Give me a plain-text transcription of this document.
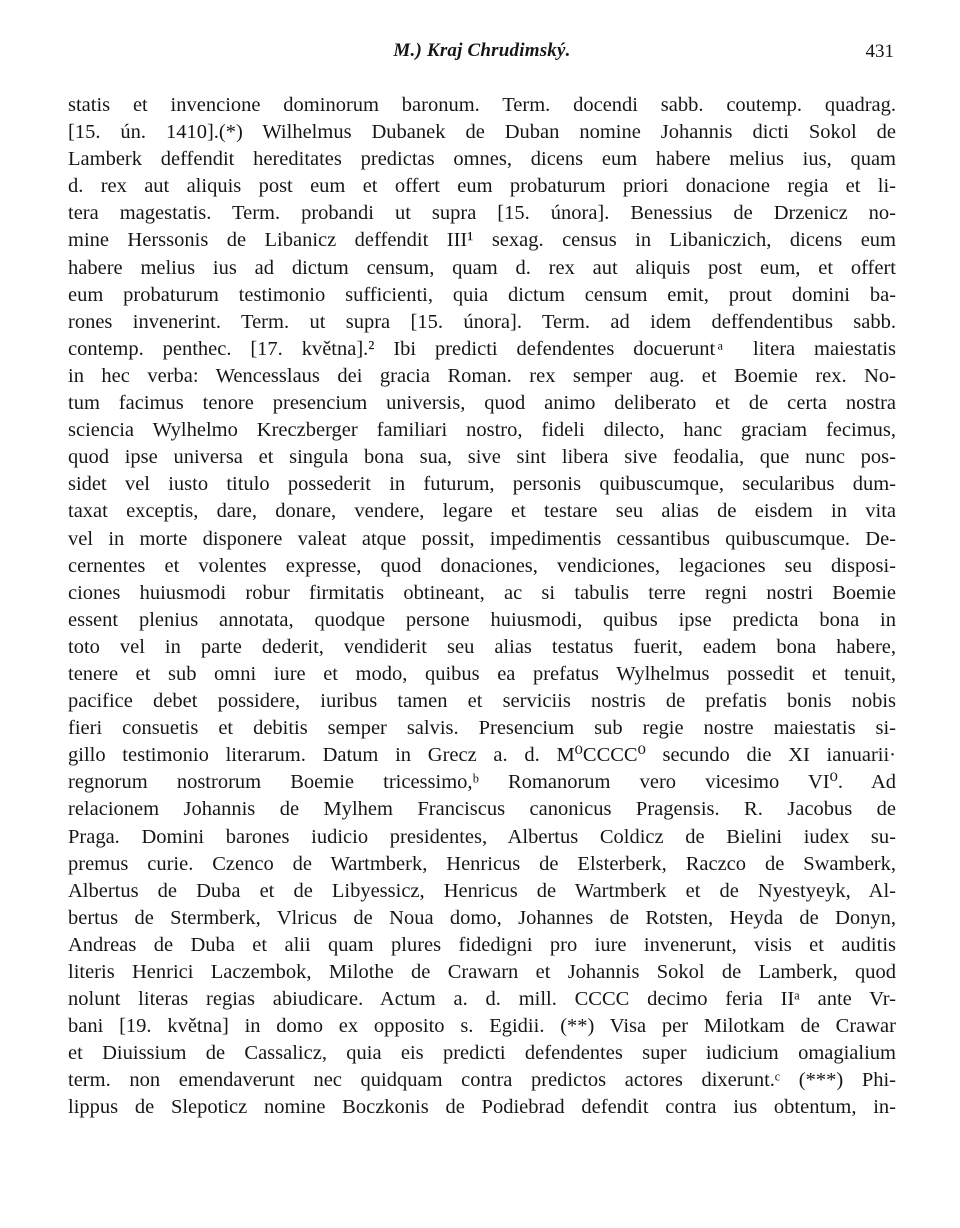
M.) Kraj Chrudimský.	431
statis et invencione dominorum baronum. Term. docendi sabb. coutemp. quadrag.
[15. ún. 1410].(*) Wilhelmus Dubanek de Duban nomine Johannis dicti Sokol de
Lamberk deffendit hereditates predictas omnes, dicens eum habere melius ius, quam
d. rex aut aliquis post eum et offert eum probaturum priori donacione regia et li-
tera magestatis. Term. probandi ut supra [15. února]. Benessius de Drzenicz no-
mine Herssonis de Libanicz deffendit III¹ sexag. census in Libaniczich, dicens eum
habere melius ius ad dictum censum, quam d. rex aut aliquis post eum, et offert
eum probaturum testimonio sufficienti, quia dictum censum emit, prout domini ba-
rones invenerint. Term. ut supra [15. února]. Term. ad idem deffendentibus sabb.
contemp. penthec. [17. května].² Ibi predicti defendentes docuerunt ͣ litera maiestatis
in hec verba: Wencesslaus dei gracia Roman. rex semper aug. et Boemie rex. No-
tum facimus tenore presencium universis, quod animo deliberato et de certa nostra
sciencia Wylhelmo Kreczberger familiari nostro, fideli dilecto, hanc graciam fecimus,
quod ipse universa et singula bona sua, sive sint libera sive feodalia, que nunc pos-
sidet vel iusto titulo possederit in futurum, personis quibuscumque, secularibus dum-
taxat exceptis, dare, donare, vendere, legare et testare seu alias de eisdem in vita
vel in morte disponere valeat atque possit, impedimentis cessantibus quibuscumque. De-
cernentes et volentes expresse, quod donaciones, vendiciones, legaciones seu disposi-
ciones huiusmodi robur firmitatis obtineant, ac si tabulis terre regni nostri Boemie
essent plenius annotata, quodque persone huiusmodi, quibus ipse predicta bona in
toto vel in parte dederit, vendiderit seu alias testatus fuerit, eadem bona habere,
tenere et sub omni iure et modo, quibus ea prefatus Wylhelmus possedit et tenuit,
pacifice debet possidere, iuribus tamen et serviciis nostris de prefatis bonis nobis
fieri consuetis et debitis semper salvis. Presencium sub regie nostre maiestatis si-
gillo testimonio literarum. Datum in Grecz a. d. M⁰CCCC⁰ secundo die XI ianuarii·
regnorum nostrorum Boemie tricessimo,ᵇ Romanorum vero vicesimo VI⁰. Ad
relacionem Johannis de Mylhem Franciscus canonicus Pragensis. R. Jacobus de
Praga. Domini barones iudicio presidentes, Albertus Coldicz de Bielini iudex su-
premus curie. Czenco de Wartmberk, Henricus de Elsterberk, Raczco de Swamberk,
Albertus de Duba et de Libyessicz, Henricus de Wartmberk et de Nyestyeyk, Al-
bertus de Stermberk, Vlricus de Noua domo, Johannes de Rotsten, Heyda de Donyn,
Andreas de Duba et alii quam plures fidedigni pro iure invenerunt, visis et auditis
literis Henrici Laczembok, Milothe de Crawarn et Johannis Sokol de Lamberk, quod
nolunt literas regias abiudicare. Actum a. d. mill. CCCC decimo feria IIᵃ ante Vr-
bani [19. května] in domo ex opposito s. Egidii. (**) Visa per Milotkam de Crawar
et Diuissium de Cassalicz, quia eis predicti defendentes super iudicium omagialium
term. non emendaverunt nec quidquam contra predictos actores dixerunt.ᶜ (***) Phi-
lippus de Slepoticz nomine Boczkonis de Podiebrad defendit contra ius obtentum, in-
